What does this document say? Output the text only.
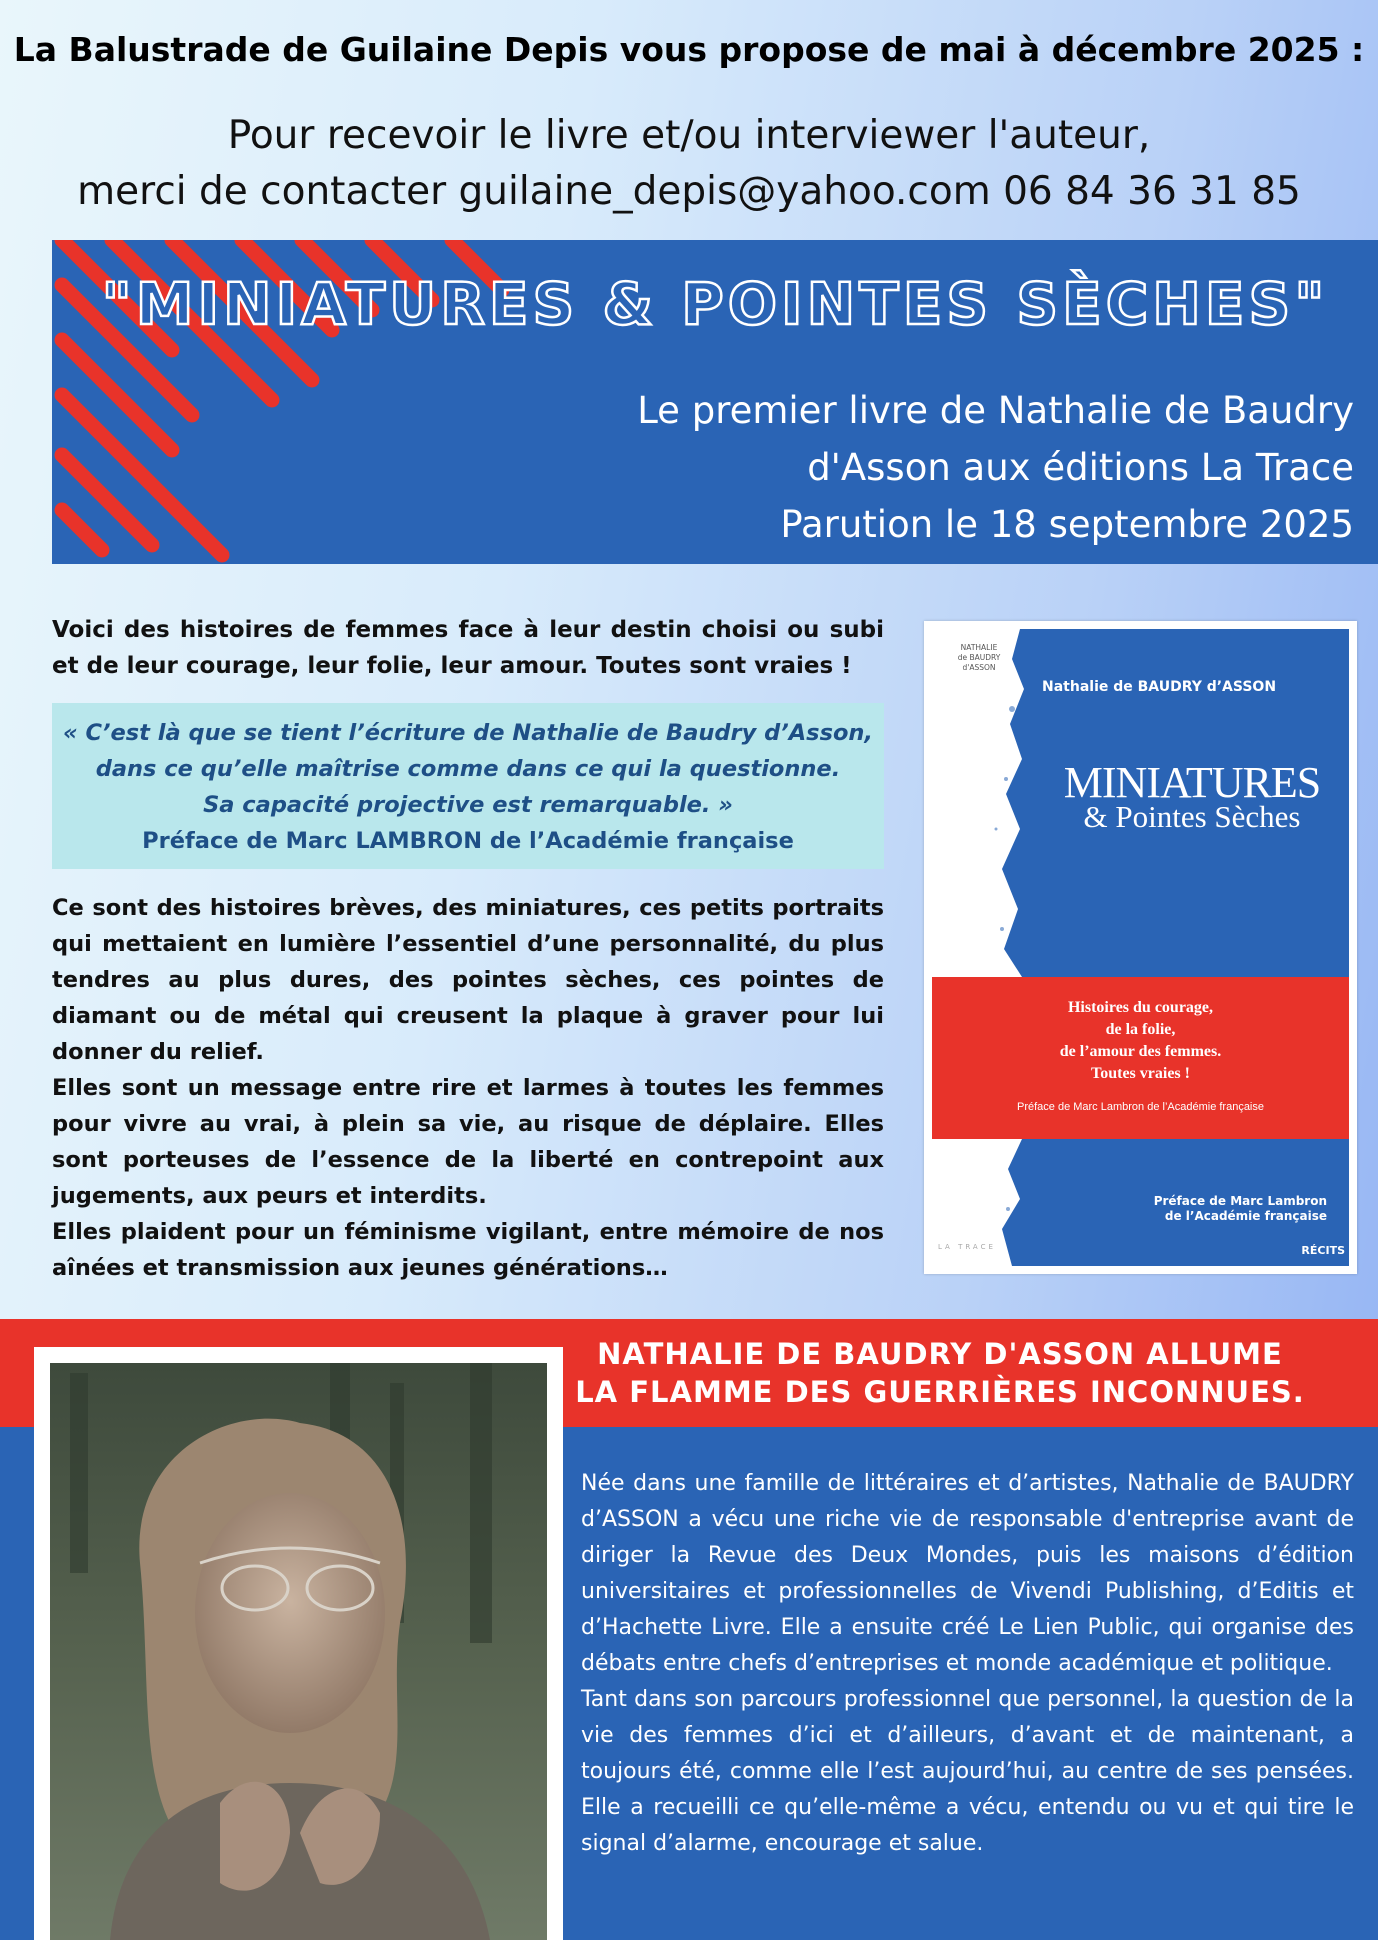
La Balustrade de Guilaine Depis vous propose de mai à décembre 2025 :
Pour recevoir le livre et/ou interviewer l'auteur,
merci de contacter guilaine_depis@yahoo.com 06 84 36 31 85
"MINIATURES & POINTES SÈCHES"
Le premier livre de Nathalie de Baudry
d'Asson aux éditions La Trace
Parution le 18 septembre 2025

Voici des histoires de femmes face à leur destin choisi ou subi et de leur courage, leur folie, leur amour. Toutes sont vraies !

« C’est là que se tient l’écriture de Nathalie de Baudry d’Asson,
dans ce qu’elle maîtrise comme dans ce qui la questionne.
Sa capacité projective est remarquable. »
Préface de Marc LAMBRON de l’Académie française

Ce sont des histoires brèves, des miniatures, ces petits portraits qui mettaient en lumière l’essentiel d’une personnalité, du plus tendres au plus dures, des pointes sèches, ces pointes de diamant ou de métal qui creusent la plaque à graver pour lui donner du relief.

Elles sont un message entre rire et larmes à toutes les femmes pour vivre au vrai, à plein sa vie, au risque de déplaire. Elles sont porteuses de l’essence de la liberté en contrepoint aux jugements, aux peurs et interdits.

Elles plaident pour un féminisme vigilant, entre mémoire de nos aînées et transmission aux jeunes générations…

NATHALIE
de BAUDRY
d'ASSON
Nathalie de BAUDRY d’ASSON
MINIATURES
& Pointes Sèches
Histoires du courage,
de la folie,
de l’amour des femmes.
Toutes vraies !
Préface de Marc Lambron de l’Académie française
Préface de Marc Lambron
de l’Académie française
LA TRACE	RÉCITS
NATHALIE DE BAUDRY D'ASSON ALLUME
LA FLAMME DES GUERRIÈRES INCONNUES.

Née dans une famille de littéraires et d’artistes, Nathalie de BAUDRY d’ASSON a vécu une riche vie de responsable d'entreprise avant de diriger la Revue des Deux Mondes, puis les maisons d’édition universitaires et professionnelles de Vivendi Publishing, d’Editis et d’Hachette Livre. Elle a ensuite créé Le Lien Public, qui organise des débats entre chefs d’entreprises et monde académique et politique.

Tant dans son parcours professionnel que personnel, la question de la vie des femmes d’ici et d’ailleurs, d’avant et de maintenant, a toujours été, comme elle l’est aujourd’hui, au centre de ses pensées. Elle a recueilli ce qu’elle-même a vécu, entendu ou vu et qui tire le signal d’alarme, encourage et salue.
